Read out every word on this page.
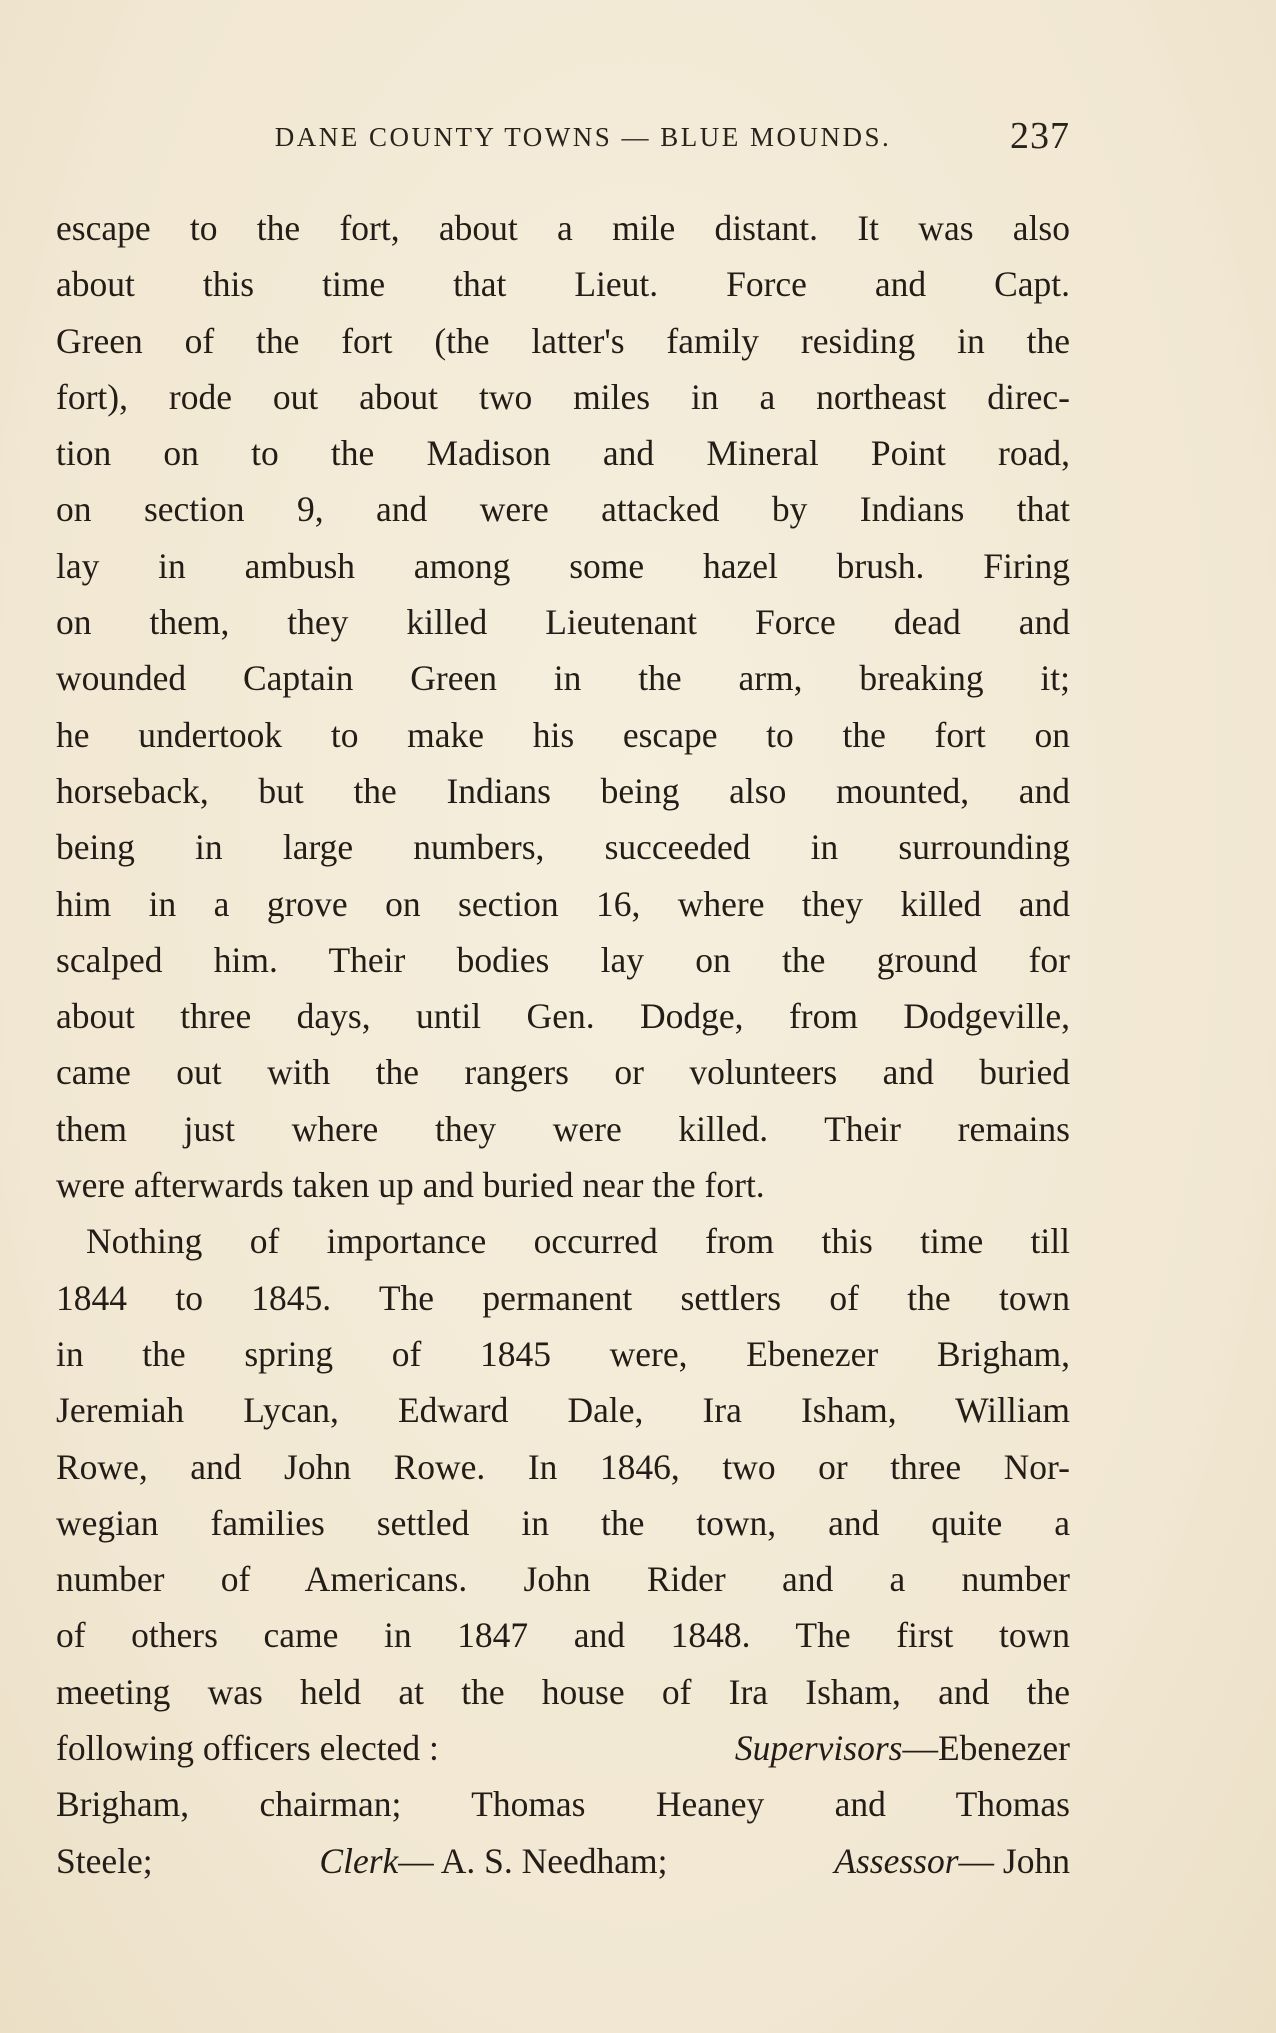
DANE COUNTY TOWNS — BLUE MOUNDS.	237
escape to the fort, about a mile distant. It was also
about this time that Lieut. Force and Capt.
Green of the fort (the latter's family residing in the
fort), rode out about two miles in a northeast direc-
tion on to the Madison and Mineral Point road,
on section 9, and were attacked by Indians that
lay in ambush among some hazel brush. Firing
on them, they killed Lieutenant Force dead and
wounded Captain Green in the arm, breaking it;
he undertook to make his escape to the fort on
horseback, but the Indians being also mounted, and
being in large numbers, succeeded in surrounding
him in a grove on section 16, where they killed and
scalped him. Their bodies lay on the ground for
about three days, until Gen. Dodge, from Dodgeville,
came out with the rangers or volunteers and buried
them just where they were killed. Their remains
were afterwards taken up and buried near the fort.
Nothing of importance occurred from this time till
1844 to 1845. The permanent settlers of the town
in the spring of 1845 were, Ebenezer Brigham,
Jeremiah Lycan, Edward Dale, Ira Isham, William
Rowe, and John Rowe. In 1846, two or three Nor-
wegian families settled in the town, and quite a
number of Americans. John Rider and a number
of others came in 1847 and 1848. The first town
meeting was held at the house of Ira Isham, and the
following officers elected :	Supervisors—Ebenezer
Brigham, chairman; Thomas Heaney and Thomas
Steele;	Clerk— A. S. Needham;	Assessor— John
